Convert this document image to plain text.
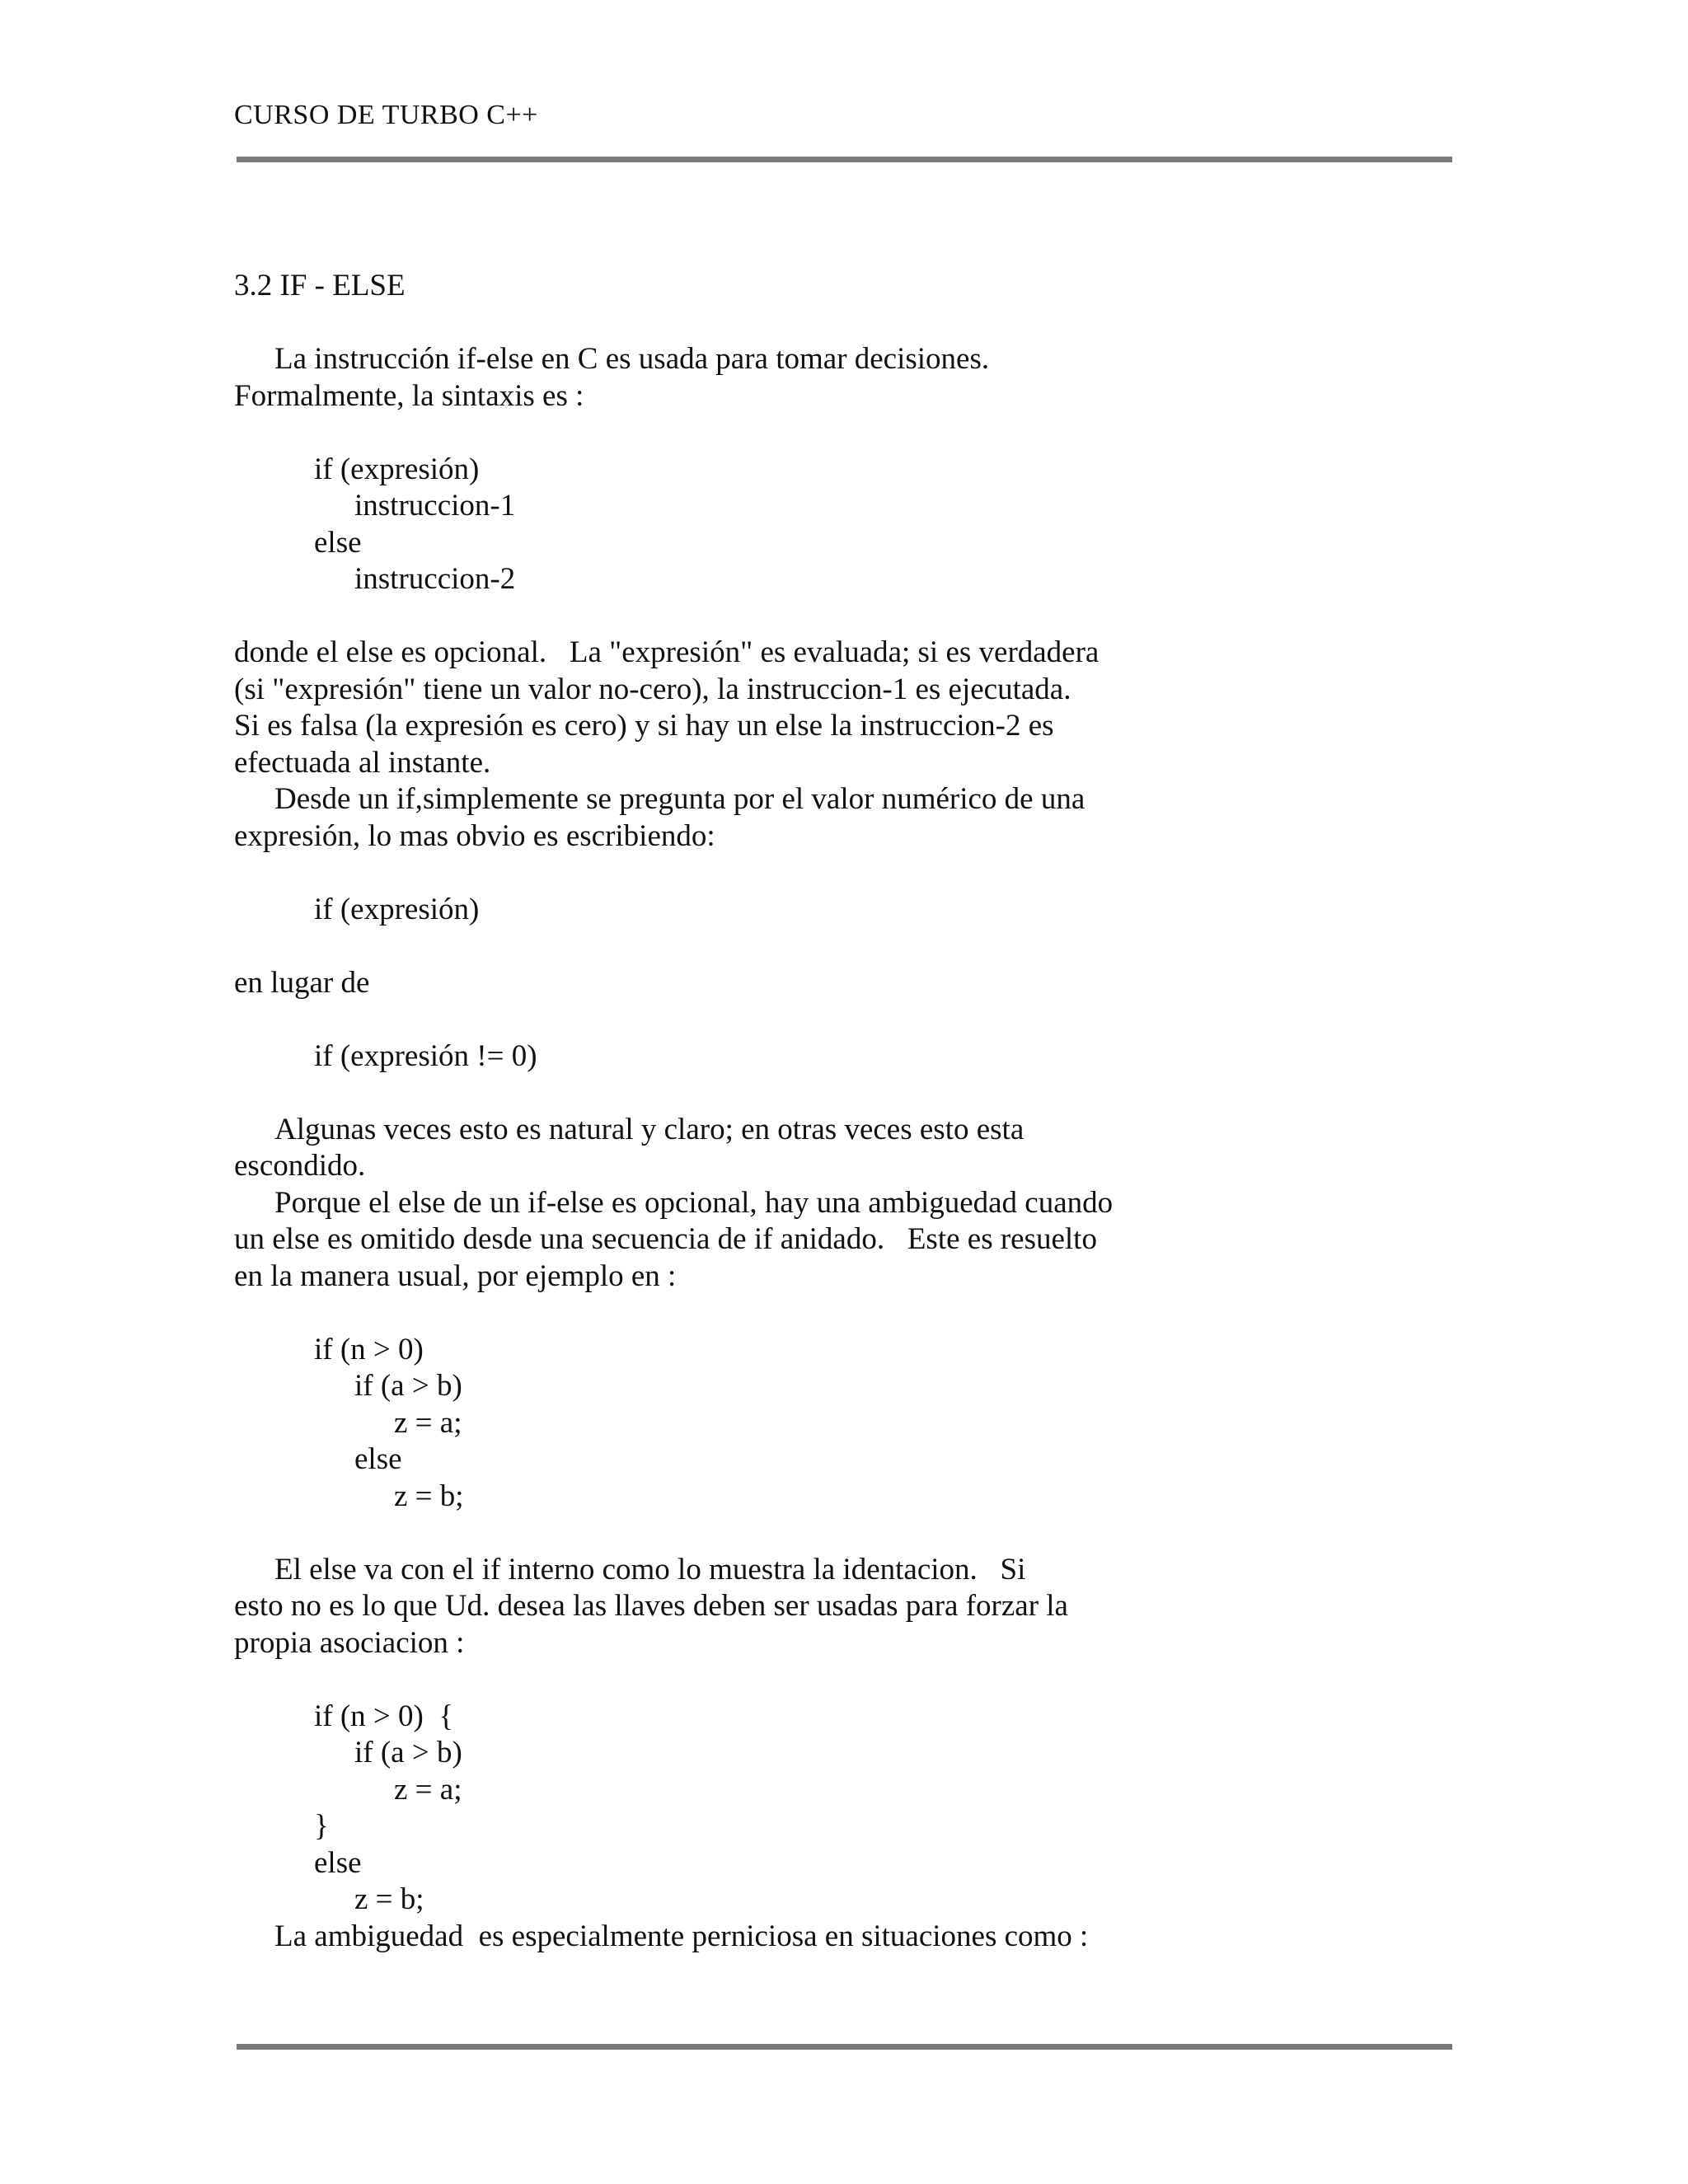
CURSO DE TURBO C++
3.2 IF - ELSE
La instrucción if-else en C es usada para tomar decisiones.
Formalmente, la sintaxis es :
if (expresión)
instruccion-1
else
instruccion-2
donde el else es opcional.   La "expresión" es evaluada; si es verdadera
(si "expresión" tiene un valor no-cero), la instruccion-1 es ejecutada.
Si es falsa (la expresión es cero) y si hay un else la instruccion-2 es
efectuada al instante.
Desde un if,simplemente se pregunta por el valor numérico de una
expresión, lo mas obvio es escribiendo:
if (expresión)
en lugar de
if (expresión != 0)
Algunas veces esto es natural y claro; en otras veces esto esta
escondido.
Porque el else de un if-else es opcional, hay una ambiguedad cuando
un else es omitido desde una secuencia de if anidado.   Este es resuelto
en la manera usual, por ejemplo en :
if (n > 0)
if (a > b)
z = a;
else
z = b;
El else va con el if interno como lo muestra la identacion.   Si
esto no es lo que Ud. desea las llaves deben ser usadas para forzar la
propia asociacion :
if (n > 0)  {
if (a > b)
z = a;
}
else
z = b;
La ambiguedad  es especialmente perniciosa en situaciones como :
